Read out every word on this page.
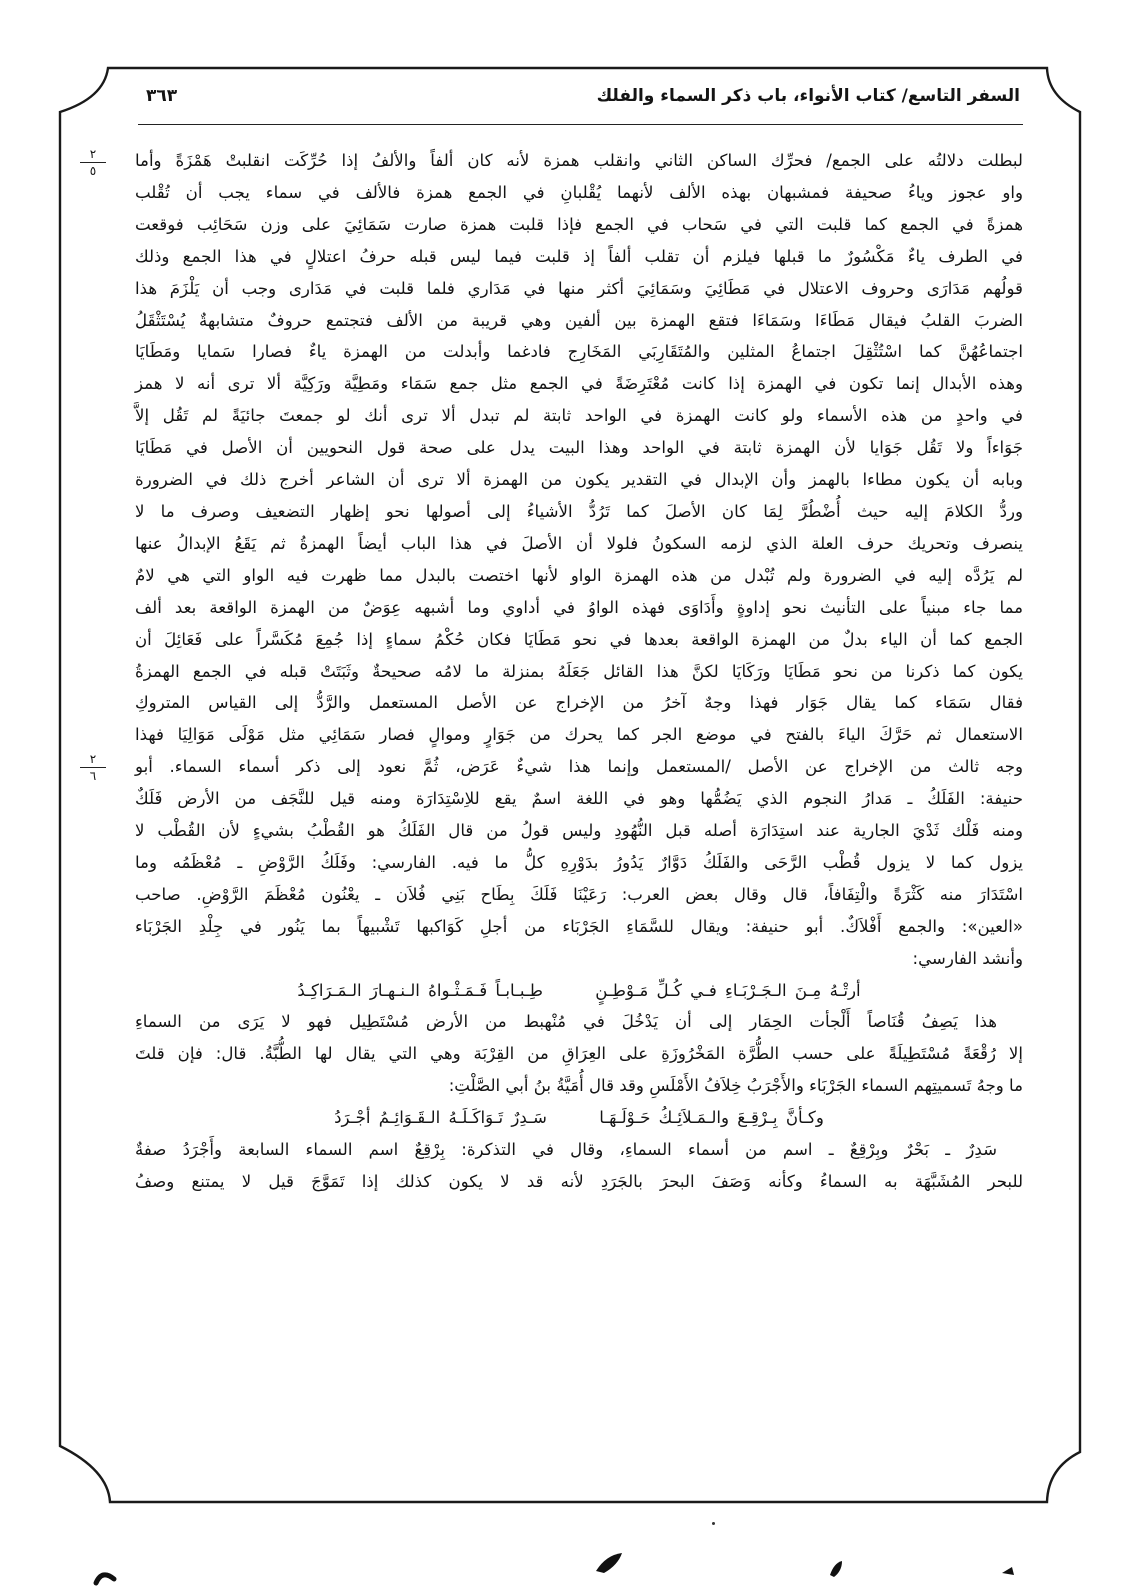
السفر التاسع/ كتاب الأنواء، باب ذكر السماء والفلك
٣٦٣
٢
٥
٢
٦

لبطلت دلالتُه على الجمع/ فحرِّك الساكن الثاني وانقلب همزة لأنه كان ألفاً والألفُ إذا حُرِّكَت انقلبتْ هَمْزَةً وأما

واو عجوز وياءُ صحيفة فمشبهان بهذه الألف لأنهما يُقْلبانِ في الجمع همزة فالألف في سماء يجب أن تُقْلب

همزةً في الجمع كما قلبت التي في سَحاب في الجمع فإذا قلبت همزة صارت سَمَائِيَ على وزن سَحَائِب فوقعت

في الطرف ياءٌ مَكْسُورٌ ما قبلها فيلزم أن تقلب ألفاً إذ قلبت فيما ليس قبله حرفُ اعتلالٍ في هذا الجمع وذلك

قولُهم مَدَارَى وحروف الاعتلال في مَطَائِيَ وسَمَائِيَ أكثر منها في مَدَاري فلما قلبت في مَدَارى وجب أن يَلْزَمَ هذا

الضربَ القلبُ فيقال مَطَاءَا وسَمَاءَا فتقع الهمزة بين ألفين وهي قريبة من الألف فتجتمع حروفٌ متشابهةٌ يُسْتَثْقَلُ

اجتماعُهُنَّ كما اسْتُثْقِلَ اجتماعُ المثلين والمُتَقَارِبَي المَخَارِج فادغما وأبدلت من الهمزة ياءٌ فصارا سَمايا ومَطَايَا

وهذه الأبدال إنما تكون في الهمزة إذا كانت مُعْتَرِضَةً في الجمع مثل جمع سَمَاء ومَطِيَّة ورَكِيَّة ألا ترى أنه لا همز

في واحدٍ من هذه الأسماء ولو كانت الهمزة في الواحد ثابتة لم تبدل ألا ترى أنك لو جمعتَ جائيَةً لم تَقُل إلاَّ

جَوَاءاً ولا تَقُل جَوَايا لأن الهمزة ثابتة في الواحد وهذا البيت يدل على صحة قول النحويين أن الأصل في مَطَايَا

وبابه أن يكون مطاءا بالهمز وأن الإبدال في التقدير يكون من الهمزة ألا ترى أن الشاعر أخرج ذلك في الضرورة

وردُّ الكلامَ إليه حيث أُضْطُرَّ لِمَا كان الأصلَ كما تَرُدُّ الأشياءُ إلى أصولها نحو إظهار التضعيف وصرف ما لا

ينصرف وتحريك حرف العلة الذي لزمه السكونُ فلولا أن الأصلَ في هذا الباب أيضاً الهمزةُ ثم يَقَعُ الإبدالُ عنها

لم يَرُدَّه إليه في الضرورة ولم تُبْدل من هذه الهمزة الواو لأنها اختصت بالبدل مما ظهرت فيه الواو التي هي لامٌ

مما جاء مبنياً على التأنيث نحو إداوةٍ وأَدَاوَى فهذه الواوُ في أداوي وما أشبهه عِوَضٌ من الهمزة الواقعة بعد ألف

الجمع كما أن الياء بدلٌ من الهمزة الواقعة بعدها في نحو مَطَايَا فكان حُكْمُ سماءٍ إذا جُمِعَ مُكَسَّراً على فَعَائِلَ أن

يكون كما ذكرنا من نحو مَطَايَا ورَكَايَا لكنَّ هذا القائل جَعَلَهُ بمنزلة ما لامُه صحيحةٌ وثَبَتَتْ قبله في الجمع الهمزةُ

فقال سَمَاء كما يقال جَوَار فهذا وجهٌ آخرُ من الإخراج عن الأصل المستعمل والرَّدُّ إلى القياس المتروكِ

الاستعمال ثم حَرَّكَ الياءَ بالفتح في موضع الجر كما يحرك من جَوَارٍ وموالٍ فصار سَمَائِي مثل مَوْلَى مَوَالِيَا فهذا

وجه ثالث من الإخراج عن الأصل /المستعمل وإنما هذا شيءٌ عَرَض، ثُمَّ نعود إلى ذكر أسماء السماء. أبو

حنيفة: الفَلَكُ ـ مَدارُ النجوم الذي يَضُمُّها وهو في اللغة اسمٌ يقع للاِسْتِدَارَة ومنه قيل للنَّجَف من الأرض فَلَكٌ

ومنه فَلْك ثَدْيَ الجارية عند استِدَارَة أصله قبل النُّهُودِ وليس قولُ من قال الفَلَكُ هو القُطْبُ بشيءٍ لأن القُطْب لا

يزول كما لا يزول قُطْب الرَّحَى والفَلَكُ دَوَّارٌ يَدُورُ بدَوْرِهِ كلُّ ما فيه. الفارسي: وفَلَكُ الرَّوْضِ ـ مُعْظَمُه وما

اسْتَدَارَ منه كَثْرَةً والْتِفَافاً، قال وقال بعض العرب: رَعَيْنَا فَلَكَ بِطَاح بَنِي فُلاَن ـ يعْنُون مُعْظَمَ الرَّوْضِ. صاحب

«العين»: والجمع أَفْلاَكٌ. أبو حنيفة: ويقال للسَّمَاءِ الجَرْبَاء من أجلِ كَوَاكبها تَشْبيهاً بما يَنُور في جِلْدِ الجَرْبَاء

وأنشد الفارسي:

أرتْـهُ مِـنَ الـجَـرْبَـاءِ فـي كُـلِّ مَـوْطِـنٍ طِـبـابـاً فَـمَـثْـواهُ الـنـهـارَ الـمَـرَاكِـدُ

هذا يَصِفُ قُنَاصاً أَلْجأت الحِمَار إلى أن يَدْخُلَ في مُنْهبط من الأرض مُسْتَطِيل فهو لا يَرَى من السماءِ

إلا رُقْعَةً مُسْتَطِيلَةً على حسب الطُّرَّة المَخْرُوزَةِ على العِرَاقِ من القِرْبَة وهي التي يقال لها الطُّبَّةُ. قال: فإن قلتَ

ما وجهُ تَسميتِهم السماء الجَرْبَاء والأَجْرَبُ خِلاَفُ الأَمْلَسِ وقد قال أُمَيَّةُ بنُ أبي الصَّلْتِ:

وكـأنَّ بِـرْقِـعَ والـمَـلاَئِـكُ حَـوْلَـهَـا سَـدِرٌ تَـوَاكَـلَـهُ الـقَـوَائِـمُ أجْـرَدُ

سَدِرٌ ـ بَحْرٌ وبِرْقِعٌ ـ اسم من أسماء السماءِ، وقال في التذكرة: بِرْقِعٌ اسم السماء السابعة وأَجْرَدُ صفةٌ

للبحر المُشَبَّهَة به السماءُ وكأنه وَصَفَ البحرَ بالجَرَدِ لأنه قد لا يكون كذلك إذا تَمَوَّجَ قيل لا يمتنع وصفُ
